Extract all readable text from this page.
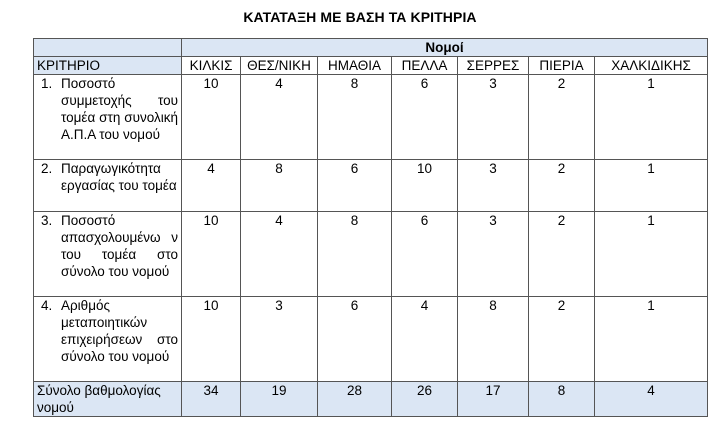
ΚΑΤΑΤΑΞΗ ΜΕ ΒΑΣΗ ΤΑ ΚΡΙΤΗΡΙΑ
	Νομοί						
ΚΡΙΤΗΡΙΟ	ΚΙΛΚΙΣ	ΘΕΣ/ΝΙΚΗ	ΗΜΑΘΙΑ	ΠΕΛΛΑ	ΣΕΡΡΕΣ	ΠΙΕΡΙΑ	ΧΑΛΚΙΔΙΚΗΣ

1. Ποσοστό συμμετοχής του τομέα στη συνολική Α.Π.Α του νομού	10	4	8	6	3	2	1

2. Παραγωγικότητα εργασίας του τομέα	4	8	6	10	3	2	1

3. Ποσοστό απασχολουμένω ν του τομέα στο σύνολο του νομού	10	4	8	6	3	2	1

4. Αριθμός μεταποιητικών επιχειρήσεων στο σύνολο του νομού	10	3	6	4	8	2	1
Σύνολο βαθμολογίας νομού	34	19	28	26	17	8	4
